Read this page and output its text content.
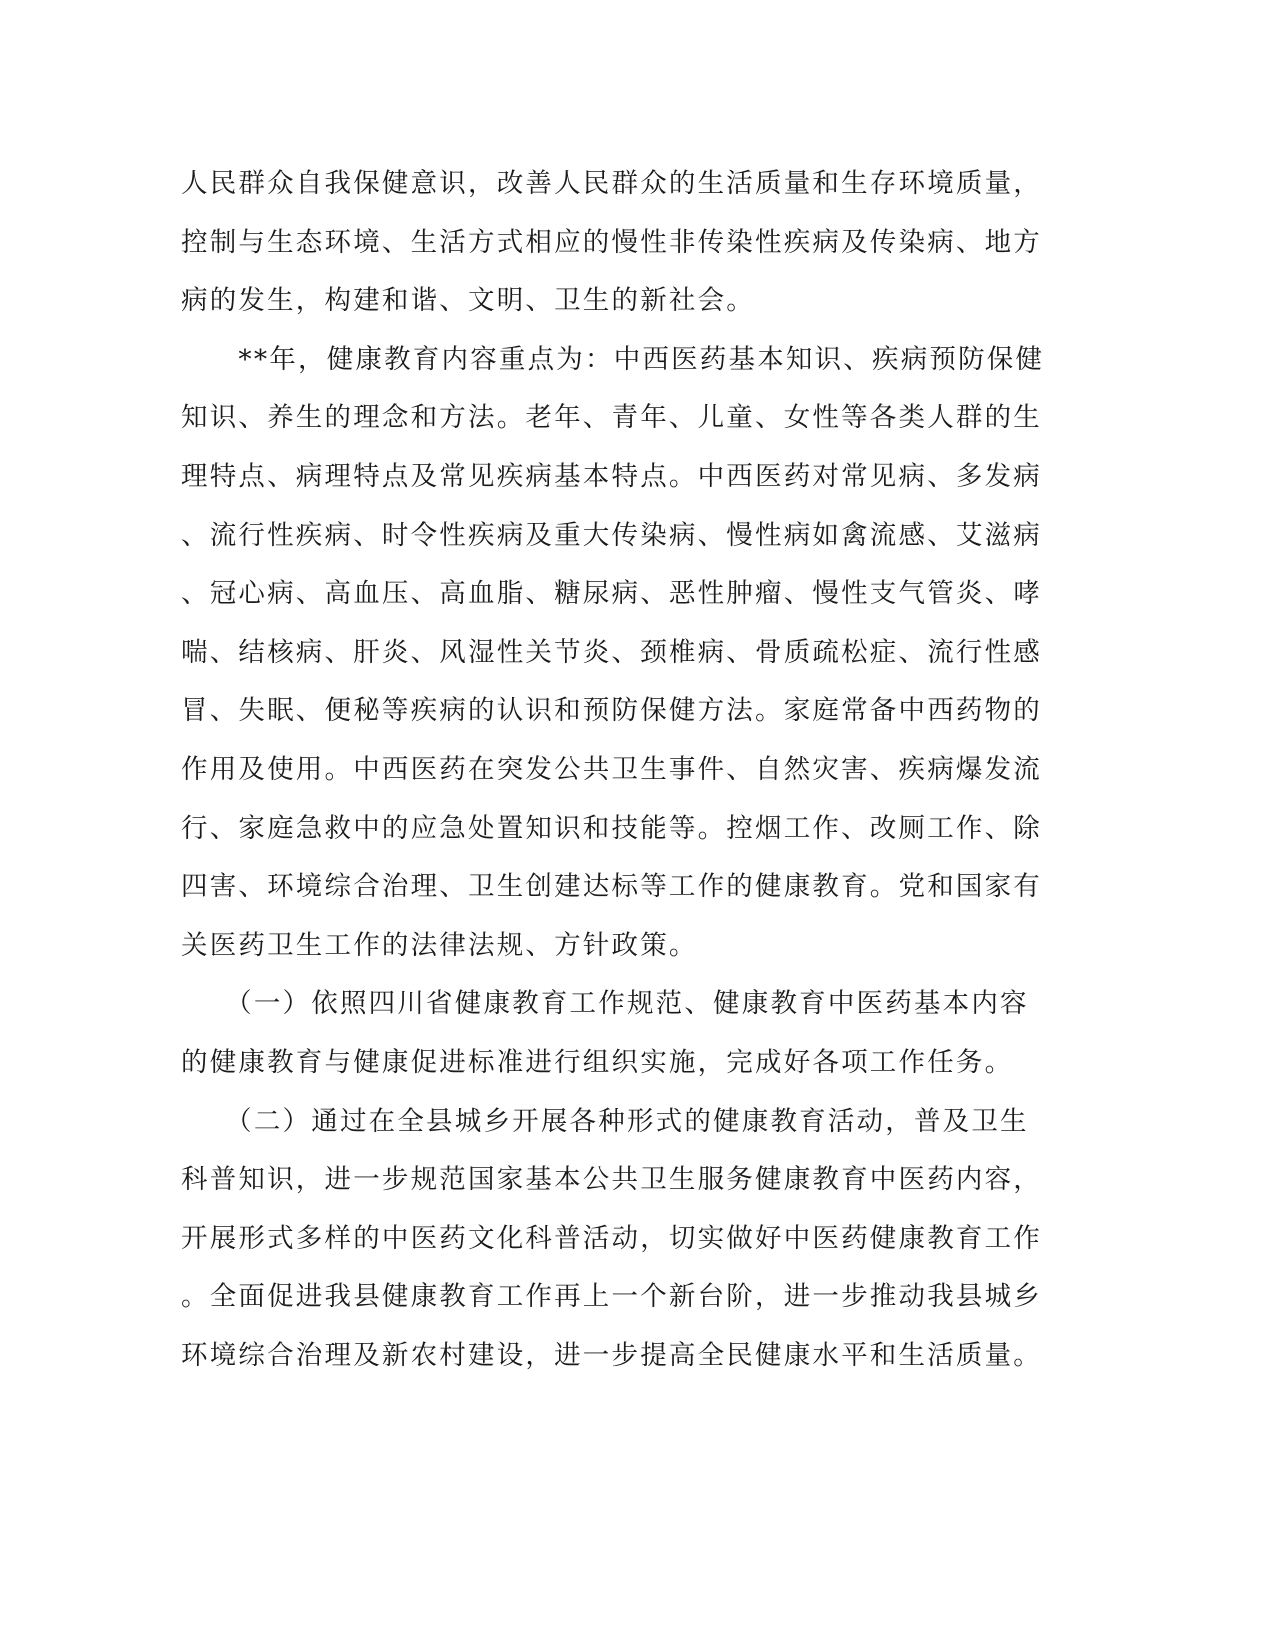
人民群众自我保健意识，改善人民群众的生活质量和生存环境质量，
控制与生态环境、生活方式相应的慢性非传染性疾病及传染病、地方
病的发生，构建和谐、文明、卫生的新社会。
　　**年，健康教育内容重点为：中西医药基本知识、疾病预防保健
知识、养生的理念和方法。老年、青年、儿童、女性等各类人群的生
理特点、病理特点及常见疾病基本特点。中西医药对常见病、多发病
、流行性疾病、时令性疾病及重大传染病、慢性病如禽流感、艾滋病
、冠心病、高血压、高血脂、糖尿病、恶性肿瘤、慢性支气管炎、哮
喘、结核病、肝炎、风湿性关节炎、颈椎病、骨质疏松症、流行性感
冒、失眠、便秘等疾病的认识和预防保健方法。家庭常备中西药物的
作用及使用。中西医药在突发公共卫生事件、自然灾害、疾病爆发流
行、家庭急救中的应急处置知识和技能等。控烟工作、改厕工作、除
四害、环境综合治理、卫生创建达标等工作的健康教育。党和国家有
关医药卫生工作的法律法规、方针政策。
　　（一）依照四川省健康教育工作规范、健康教育中医药基本内容
的健康教育与健康促进标准进行组织实施，完成好各项工作任务。
　　（二）通过在全县城乡开展各种形式的健康教育活动，普及卫生
科普知识，进一步规范国家基本公共卫生服务健康教育中医药内容，
开展形式多样的中医药文化科普活动，切实做好中医药健康教育工作
。全面促进我县健康教育工作再上一个新台阶，进一步推动我县城乡
环境综合治理及新农村建设，进一步提高全民健康水平和生活质量。
